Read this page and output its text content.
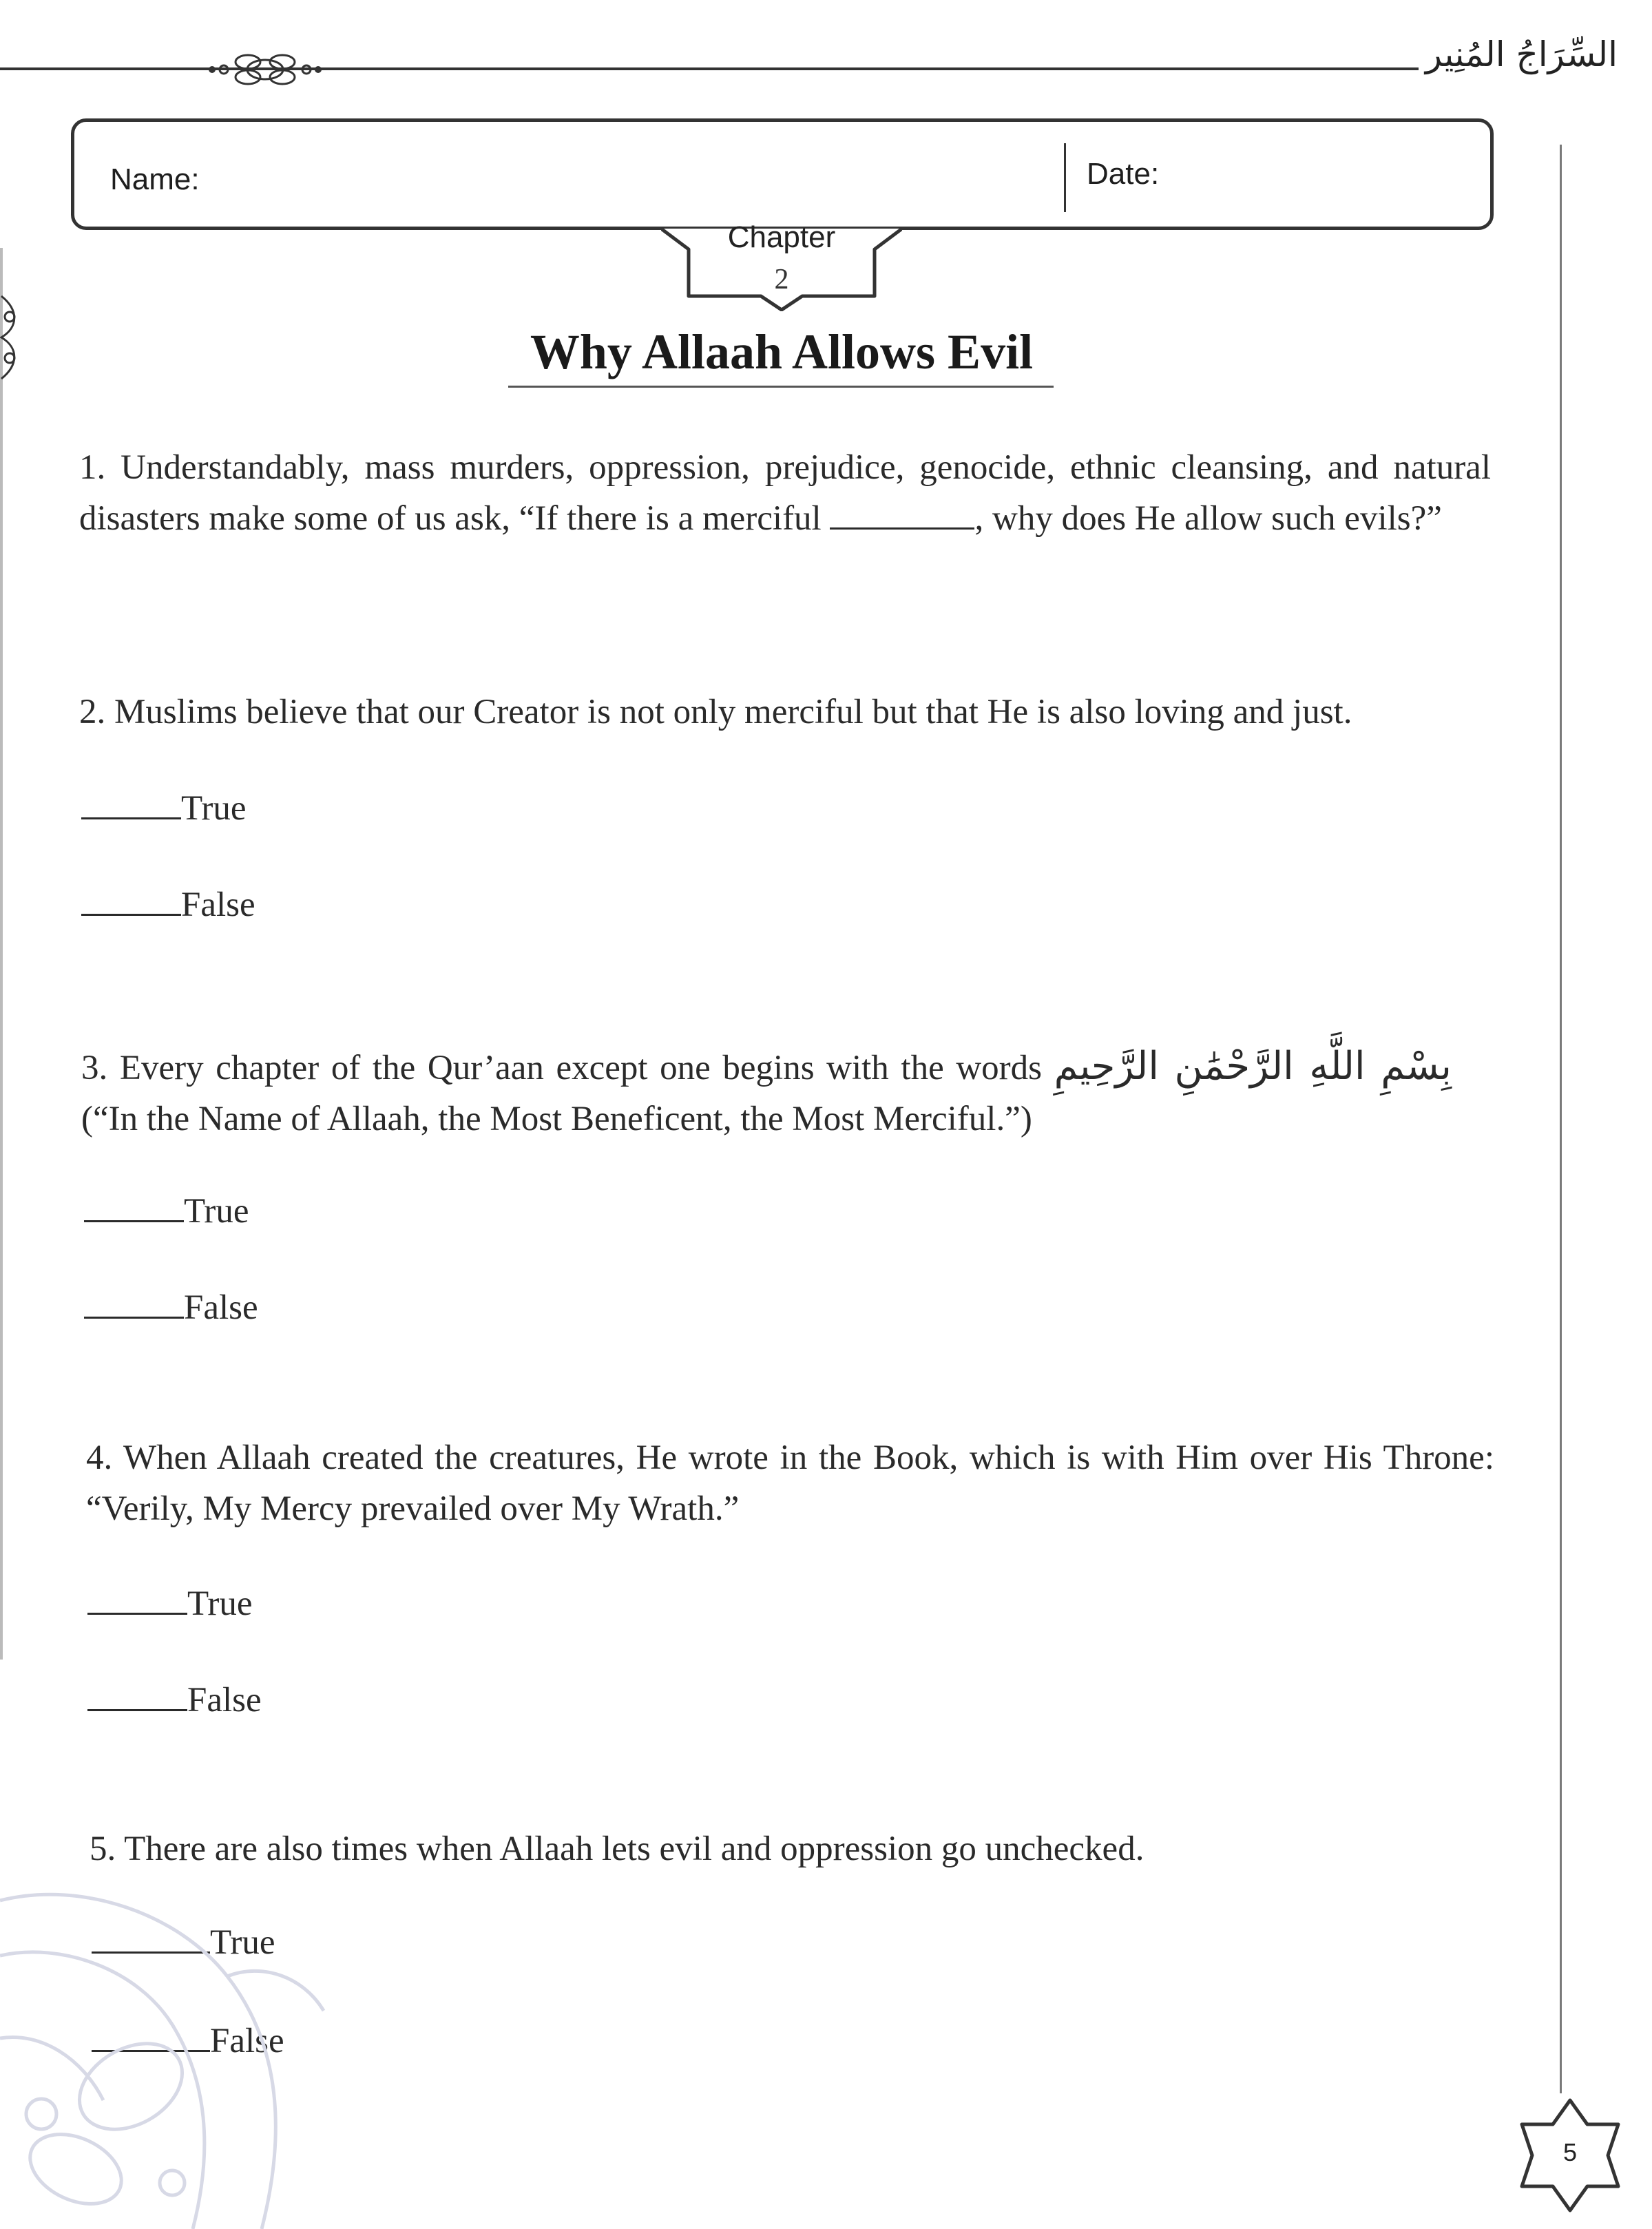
السِّرَاجُ المُنِير
Name:	Date:
Chapter
2
Why Allaah Allows Evil
1. Understandably, mass murders, oppression, prejudice, genocide, ethnic cleansing, and natural disasters make some of us ask, “If there is a merciful	, why does He allow such evils?”
2. Muslims believe that our Creator is not only merciful but that He is also loving and just.
True
False
3. Every chapter of the Qur’aan except one begins with the words بِسْمِ اللَّهِ الرَّحْمَٰنِ الرَّحِيمِ (“In the Name of Allaah, the Most Beneficent, the Most Merciful.”)
True
False
4. When Allaah created the creatures, He wrote in the Book, which is with Him over His Throne: “Verily, My Mercy prevailed over My Wrath.”
True
False
5. There are also times when Allaah lets evil and oppression go unchecked.
True
False
5
